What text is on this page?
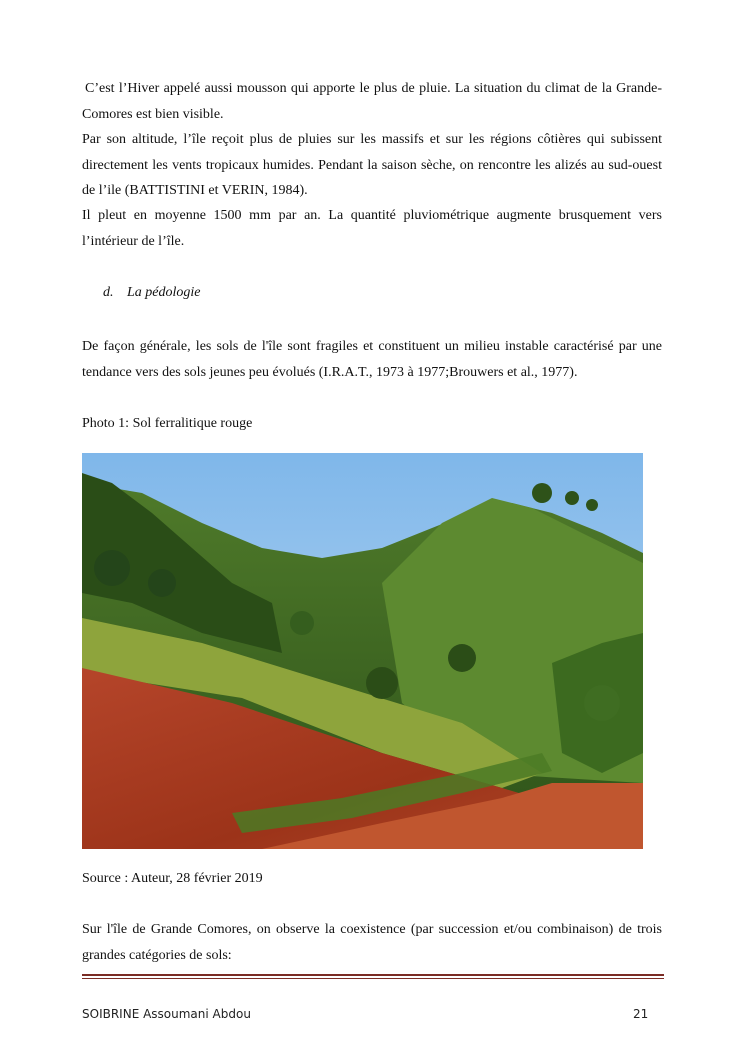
C’est l’Hiver appelé aussi mousson qui apporte le plus de pluie. La situation du climat de la Grande-Comores est bien visible.

Par son altitude, l’île reçoit plus de pluies sur les massifs et sur les régions côtières qui subissent directement les vents tropicaux humides. Pendant la saison sèche, on rencontre les alizés au sud-ouest de l’ile (BATTISTINI et VERIN, 1984).

Il pleut en moyenne 1500 mm par an. La quantité pluviométrique augmente brusquement vers l’intérieur de l’île.

d. La pédologie

De façon générale, les sols de l'île sont fragiles et constituent un milieu instable caractérisé par une tendance vers des sols jeunes peu évolués (I.R.A.T., 1973 à 1977;Brouwers et al., 1977).

Photo 1: Sol ferralitique rouge

Source : Auteur, 28 février 2019

Sur l'île de Grande Comores, on observe la coexistence (par succession et/ou combinaison) de trois grandes catégories de sols:

SOIBRINE Assoumani Abdou	21
